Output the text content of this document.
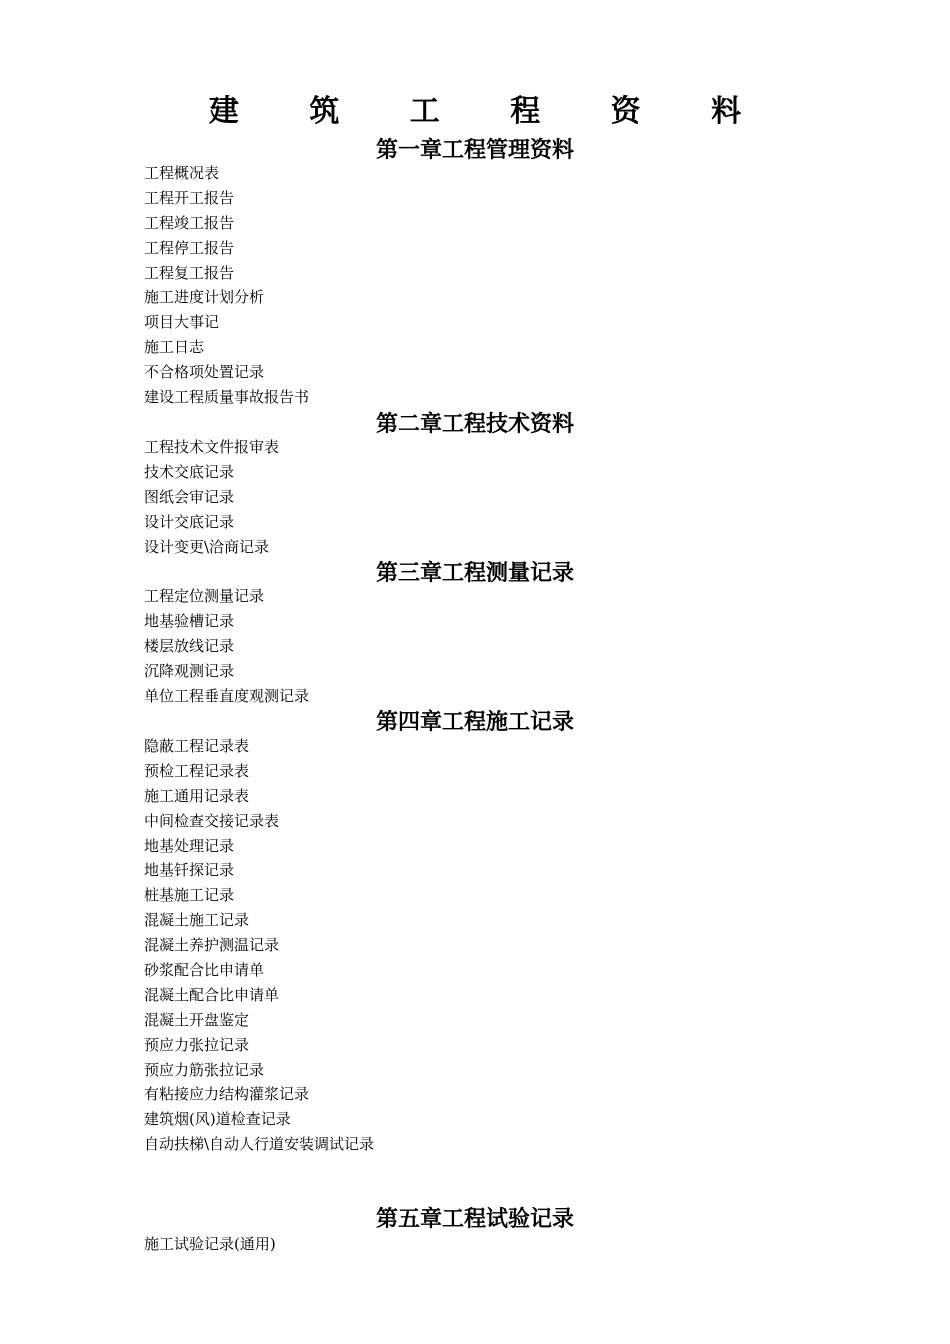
建 筑 工 程 资 料
第一章工程管理资料
工程概况表
工程开工报告
工程竣工报告
工程停工报告
工程复工报告
施工进度计划分析
项目大事记
施工日志
不合格项处置记录
建设工程质量事故报告书
第二章工程技术资料
工程技术文件报审表
技术交底记录
图纸会审记录
设计交底记录
设计变更\洽商记录
第三章工程测量记录
工程定位测量记录
地基验槽记录
楼层放线记录
沉降观测记录
单位工程垂直度观测记录
第四章工程施工记录
隐蔽工程记录表
预检工程记录表
施工通用记录表
中间检查交接记录表
地基处理记录
地基钎探记录
桩基施工记录
混凝土施工记录
混凝土养护测温记录
砂浆配合比申请单
混凝土配合比申请单
混凝土开盘鉴定
预应力张拉记录
预应力筋张拉记录
有粘接应力结构灌浆记录
建筑烟(风)道检查记录
自动扶梯\自动人行道安装调试记录
第五章工程试验记录
施工试验记录(通用)
